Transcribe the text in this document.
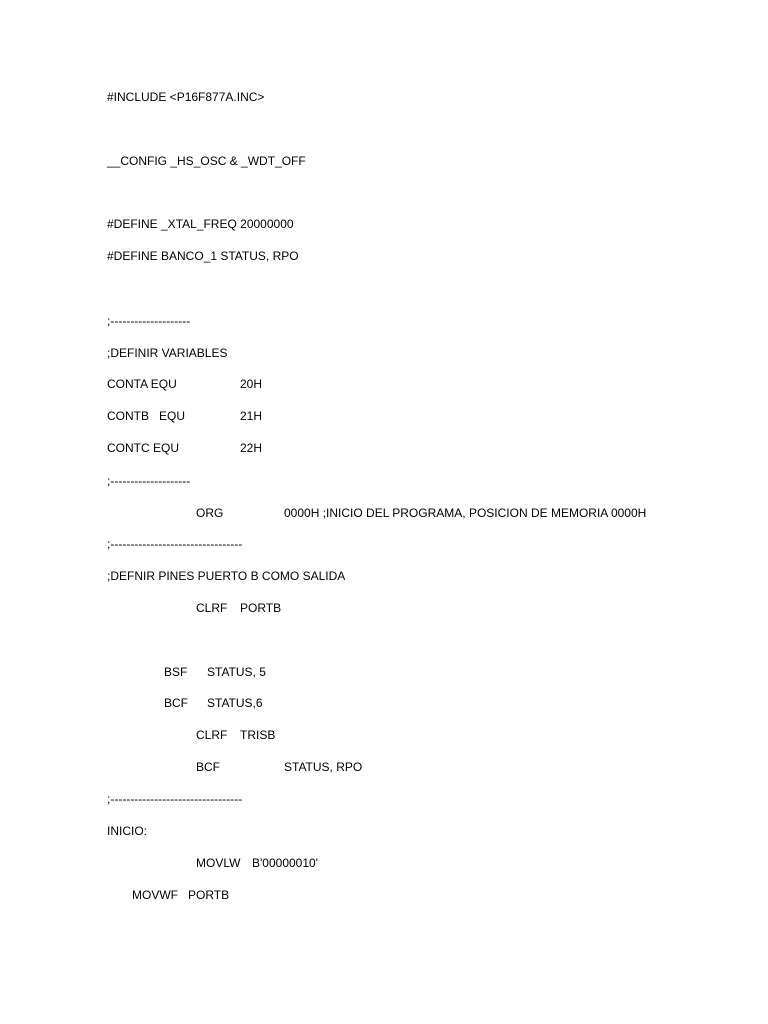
#INCLUDE <P16F877A.INC>
__CONFIG _HS_OSC & _WDT_OFF
#DEFINE _XTAL_FREQ 20000000
#DEFINE BANCO_1 STATUS, RPO
;--------------------
;DEFINIR VARIABLES
CONTA EQU	20H
CONTB   EQU	21H
CONTC EQU	22H
;--------------------
ORG	0000H ;INICIO DEL PROGRAMA, POSICION DE MEMORIA 0000H
;---------------------------------
;DEFNIR PINES PUERTO B COMO SALIDA
CLRF PORTB
BSF STATUS, 5
BCF STATUS,6
CLRF TRISB
BCF	STATUS, RPO
;---------------------------------
INICIO:
MOVLW B'00000010'
MOVWF PORTB
